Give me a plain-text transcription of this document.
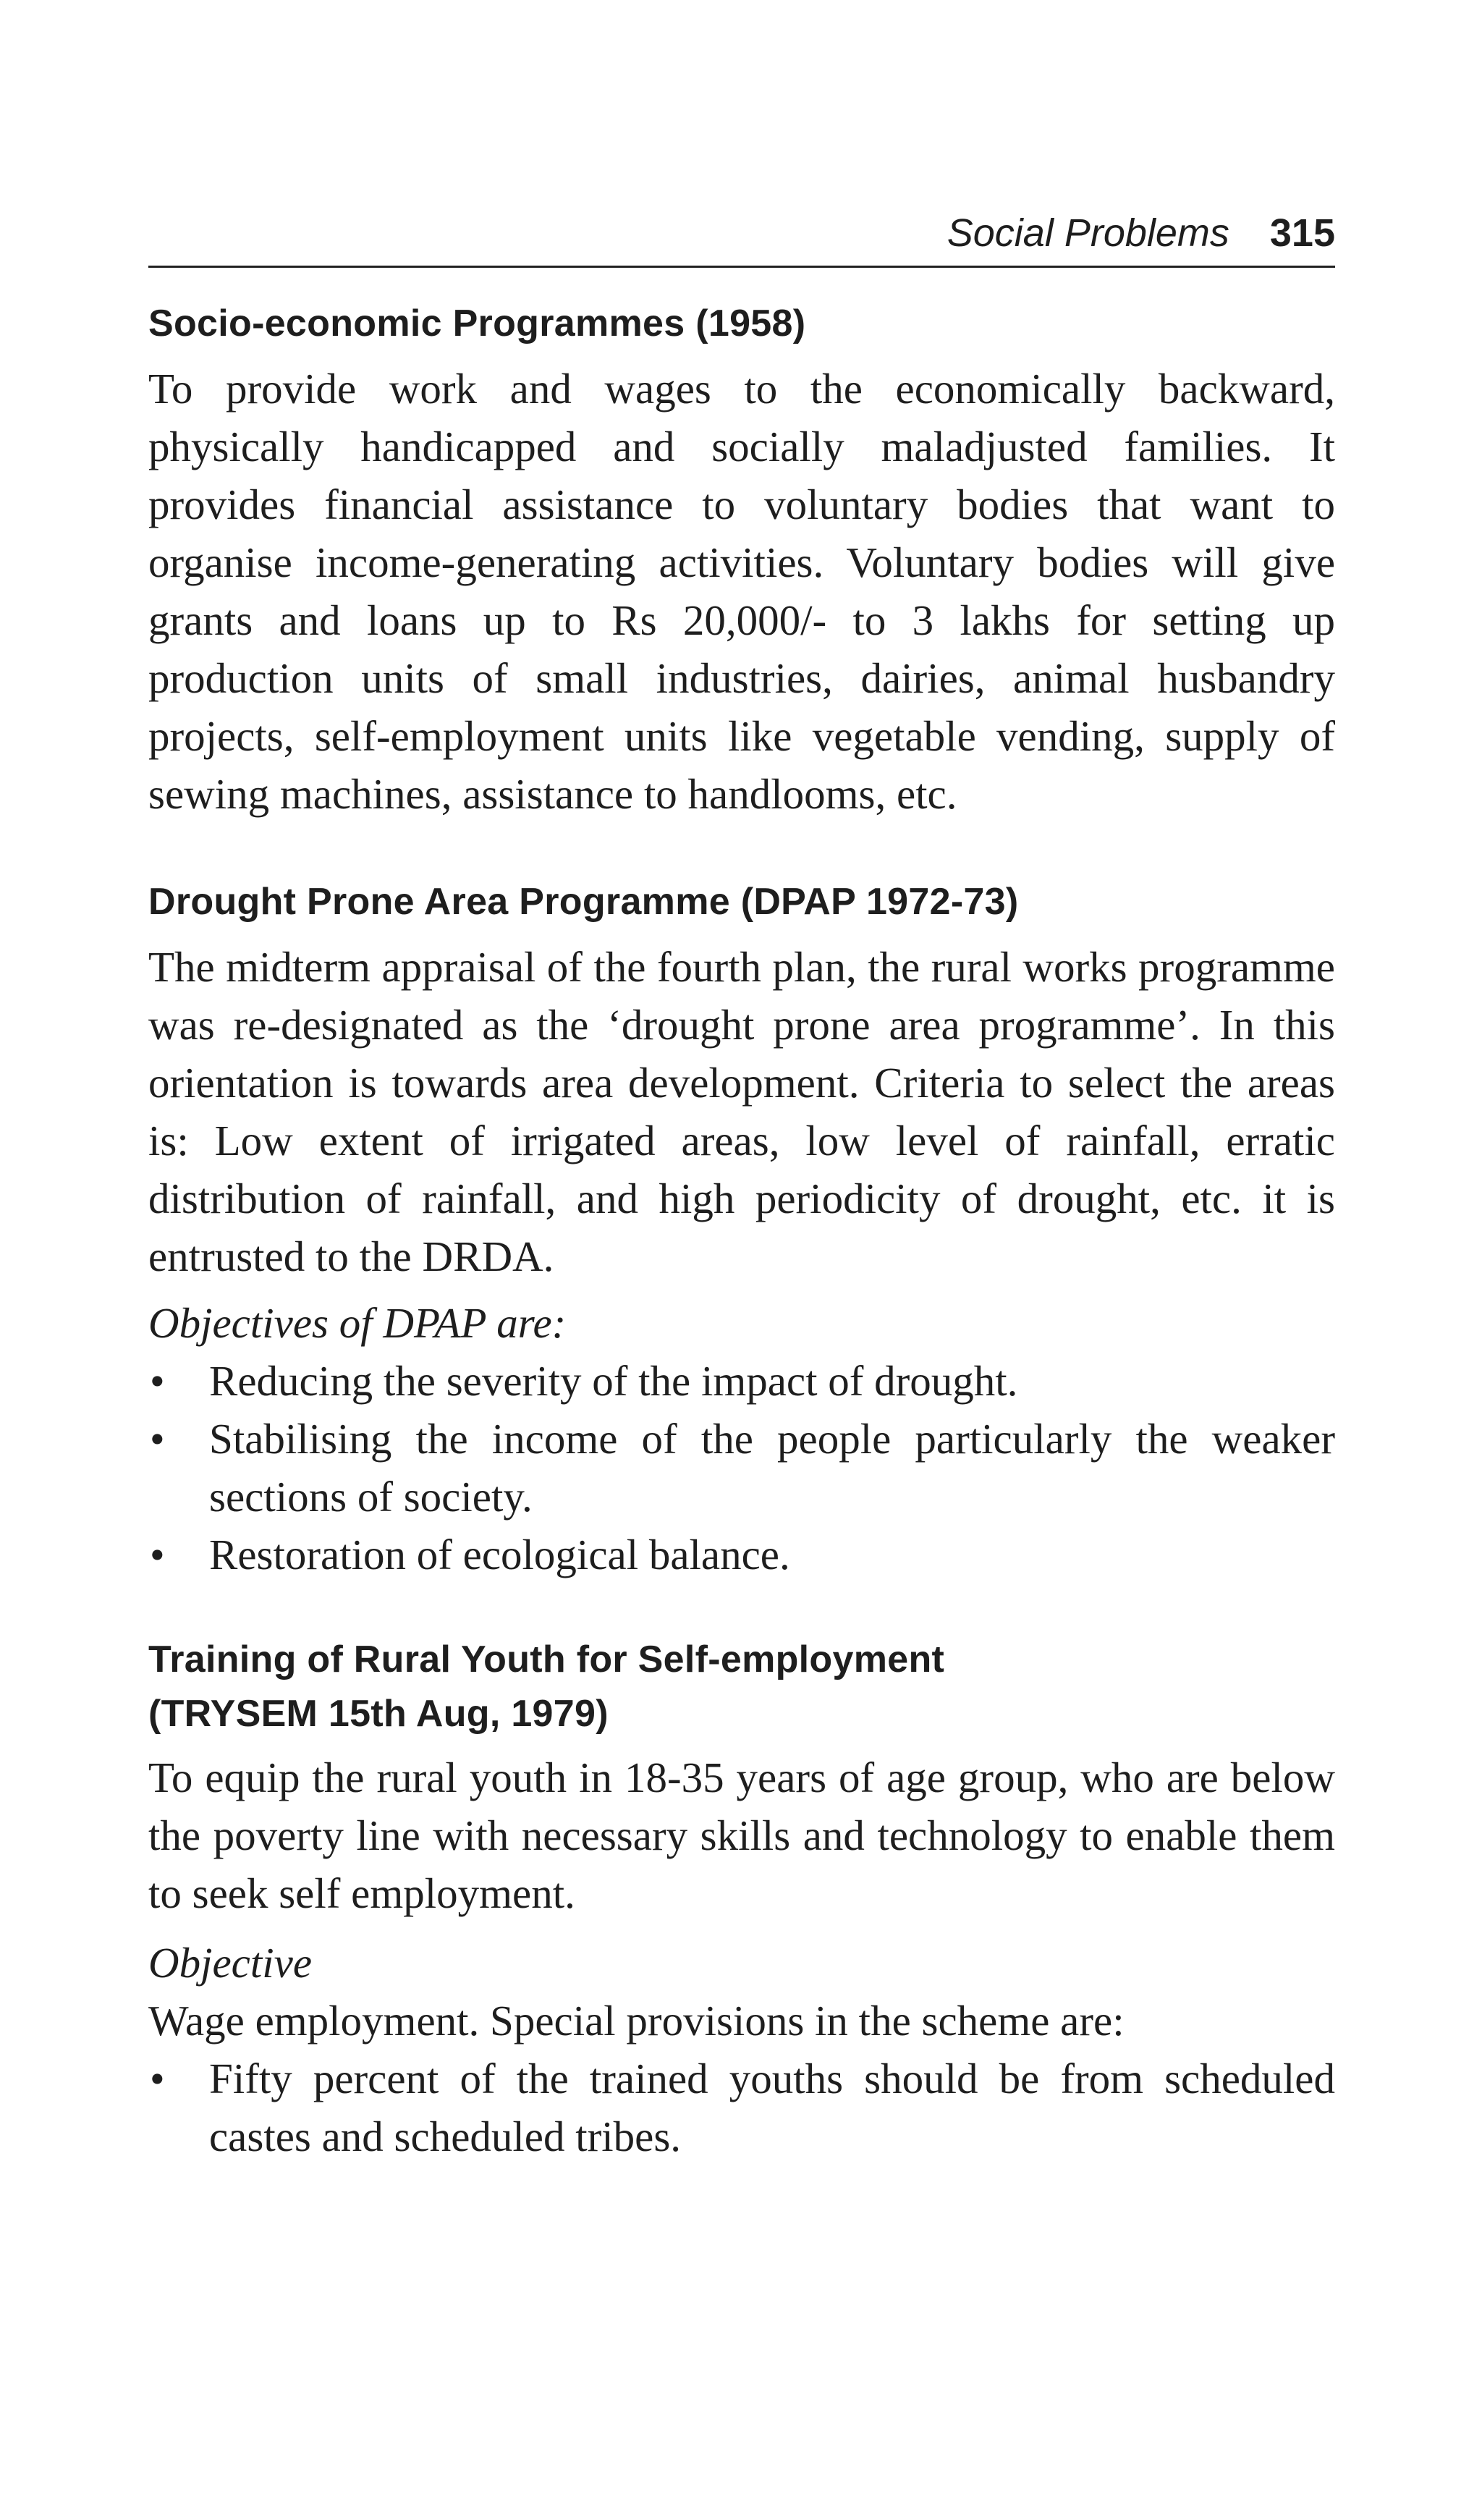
Social Problems 315
Socio-economic Programmes (1958)

To provide work and wages to the economically backward, physically handicapped and socially maladjusted families. It provides financial assistance to voluntary bodies that want to organise income-generating activities. Voluntary bodies will give grants and loans up to Rs 20,000/- to 3 lakhs for setting up production units of small industries, dairies, animal husbandry projects, self-employment units like vegetable vending, supply of sewing machines, assistance to handlooms, etc.

Drought Prone Area Programme (DPAP 1972-73)

The midterm appraisal of the fourth plan, the rural works programme was re-designated as the ‘drought prone area programme’. In this orientation is towards area development. Criteria to select the areas is: Low extent of irrigated areas, low level of rainfall, erratic distribution of rainfall, and high periodicity of drought, etc. it is entrusted to the DRDA.

Objectives of DPAP are:

• Reducing the severity of the impact of drought.
• Stabilising the income of the people particularly the weaker sections of society.
• Restoration of ecological balance.
Training of Rural Youth for Self-employment
(TRYSEM 15th Aug, 1979)

To equip the rural youth in 18-35 years of age group, who are below the poverty line with necessary skills and technology to enable them to seek self employment.

Objective

Wage employment. Special provisions in the scheme are:

• Fifty percent of the trained youths should be from scheduled castes and scheduled tribes.
